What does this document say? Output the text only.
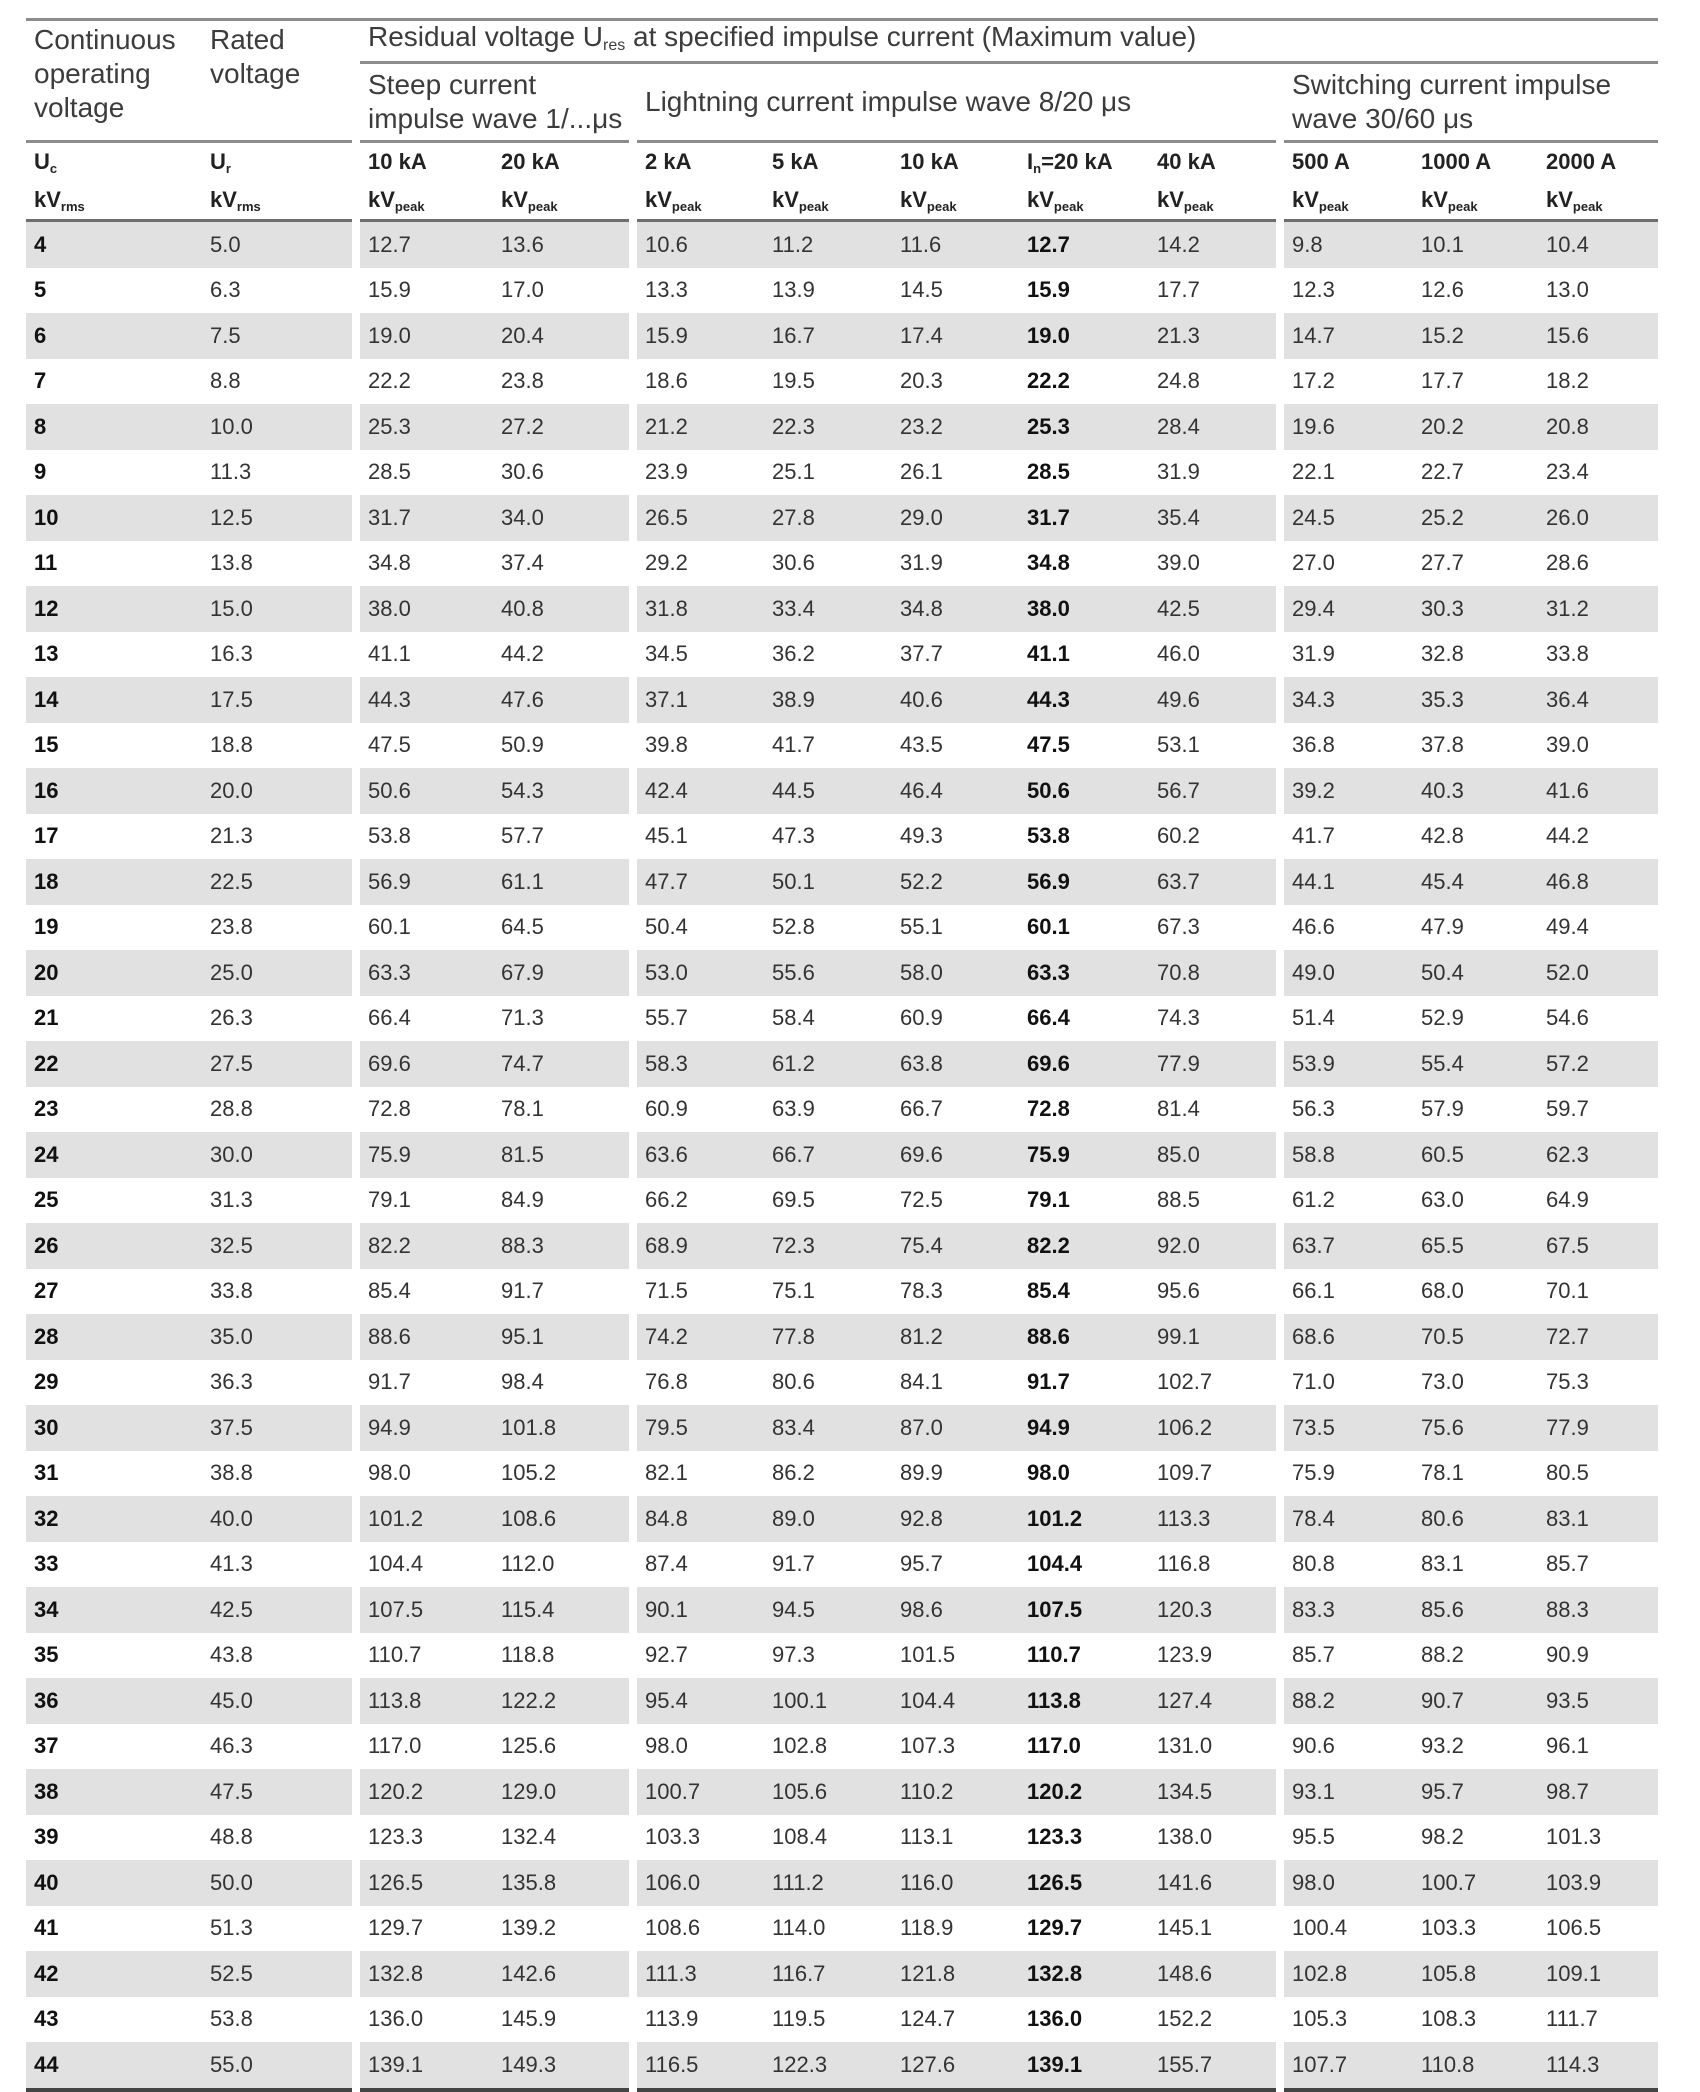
Continuous operating voltage	Rated voltage		Residual voltage $U_{res}$ at specified impulse current (Maximum value)											
			Steep current impulse wave 1/...μs			Lightning current impulse wave 8/20 μs						Switching current impulse wave 30/60 μs		
$U_c$	$U_r$		10 kA	20 kA		2 kA	5 kA	10 kA	$I_n=20$ kA	40 kA		500 A	1000 A	2000 A
$kV_{rms}$	$kV_{rms}$		$kV_{peak}$	$kV_{peak}$		$kV_{peak}$	$kV_{peak}$	$kV_{peak}$	$kV_{peak}$	$kV_{peak}$		$kV_{peak}$	$kV_{peak}$	$kV_{peak}$
4	5.0		12.7	13.6		10.6	11.2	11.6	12.7	14.2		9.8	10.1	10.4
5	6.3		15.9	17.0		13.3	13.9	14.5	15.9	17.7		12.3	12.6	13.0
6	7.5		19.0	20.4		15.9	16.7	17.4	19.0	21.3		14.7	15.2	15.6
7	8.8		22.2	23.8		18.6	19.5	20.3	22.2	24.8		17.2	17.7	18.2
8	10.0		25.3	27.2		21.2	22.3	23.2	25.3	28.4		19.6	20.2	20.8
9	11.3		28.5	30.6		23.9	25.1	26.1	28.5	31.9		22.1	22.7	23.4
10	12.5		31.7	34.0		26.5	27.8	29.0	31.7	35.4		24.5	25.2	26.0
11	13.8		34.8	37.4		29.2	30.6	31.9	34.8	39.0		27.0	27.7	28.6
12	15.0		38.0	40.8		31.8	33.4	34.8	38.0	42.5		29.4	30.3	31.2
13	16.3		41.1	44.2		34.5	36.2	37.7	41.1	46.0		31.9	32.8	33.8
14	17.5		44.3	47.6		37.1	38.9	40.6	44.3	49.6		34.3	35.3	36.4
15	18.8		47.5	50.9		39.8	41.7	43.5	47.5	53.1		36.8	37.8	39.0
16	20.0		50.6	54.3		42.4	44.5	46.4	50.6	56.7		39.2	40.3	41.6
17	21.3		53.8	57.7		45.1	47.3	49.3	53.8	60.2		41.7	42.8	44.2
18	22.5		56.9	61.1		47.7	50.1	52.2	56.9	63.7		44.1	45.4	46.8
19	23.8		60.1	64.5		50.4	52.8	55.1	60.1	67.3		46.6	47.9	49.4
20	25.0		63.3	67.9		53.0	55.6	58.0	63.3	70.8		49.0	50.4	52.0
21	26.3		66.4	71.3		55.7	58.4	60.9	66.4	74.3		51.4	52.9	54.6
22	27.5		69.6	74.7		58.3	61.2	63.8	69.6	77.9		53.9	55.4	57.2
23	28.8		72.8	78.1		60.9	63.9	66.7	72.8	81.4		56.3	57.9	59.7
24	30.0		75.9	81.5		63.6	66.7	69.6	75.9	85.0		58.8	60.5	62.3
25	31.3		79.1	84.9		66.2	69.5	72.5	79.1	88.5		61.2	63.0	64.9
26	32.5		82.2	88.3		68.9	72.3	75.4	82.2	92.0		63.7	65.5	67.5
27	33.8		85.4	91.7		71.5	75.1	78.3	85.4	95.6		66.1	68.0	70.1
28	35.0		88.6	95.1		74.2	77.8	81.2	88.6	99.1		68.6	70.5	72.7
29	36.3		91.7	98.4		76.8	80.6	84.1	91.7	102.7		71.0	73.0	75.3
30	37.5		94.9	101.8		79.5	83.4	87.0	94.9	106.2		73.5	75.6	77.9
31	38.8		98.0	105.2		82.1	86.2	89.9	98.0	109.7		75.9	78.1	80.5
32	40.0		101.2	108.6		84.8	89.0	92.8	101.2	113.3		78.4	80.6	83.1
33	41.3		104.4	112.0		87.4	91.7	95.7	104.4	116.8		80.8	83.1	85.7
34	42.5		107.5	115.4		90.1	94.5	98.6	107.5	120.3		83.3	85.6	88.3
35	43.8		110.7	118.8		92.7	97.3	101.5	110.7	123.9		85.7	88.2	90.9
36	45.0		113.8	122.2		95.4	100.1	104.4	113.8	127.4		88.2	90.7	93.5
37	46.3		117.0	125.6		98.0	102.8	107.3	117.0	131.0		90.6	93.2	96.1
38	47.5		120.2	129.0		100.7	105.6	110.2	120.2	134.5		93.1	95.7	98.7
39	48.8		123.3	132.4		103.3	108.4	113.1	123.3	138.0		95.5	98.2	101.3
40	50.0		126.5	135.8		106.0	111.2	116.0	126.5	141.6		98.0	100.7	103.9
41	51.3		129.7	139.2		108.6	114.0	118.9	129.7	145.1		100.4	103.3	106.5
42	52.5		132.8	142.6		111.3	116.7	121.8	132.8	148.6		102.8	105.8	109.1
43	53.8		136.0	145.9		113.9	119.5	124.7	136.0	152.2		105.3	108.3	111.7
44	55.0		139.1	149.3		116.5	122.3	127.6	139.1	155.7		107.7	110.8	114.3
